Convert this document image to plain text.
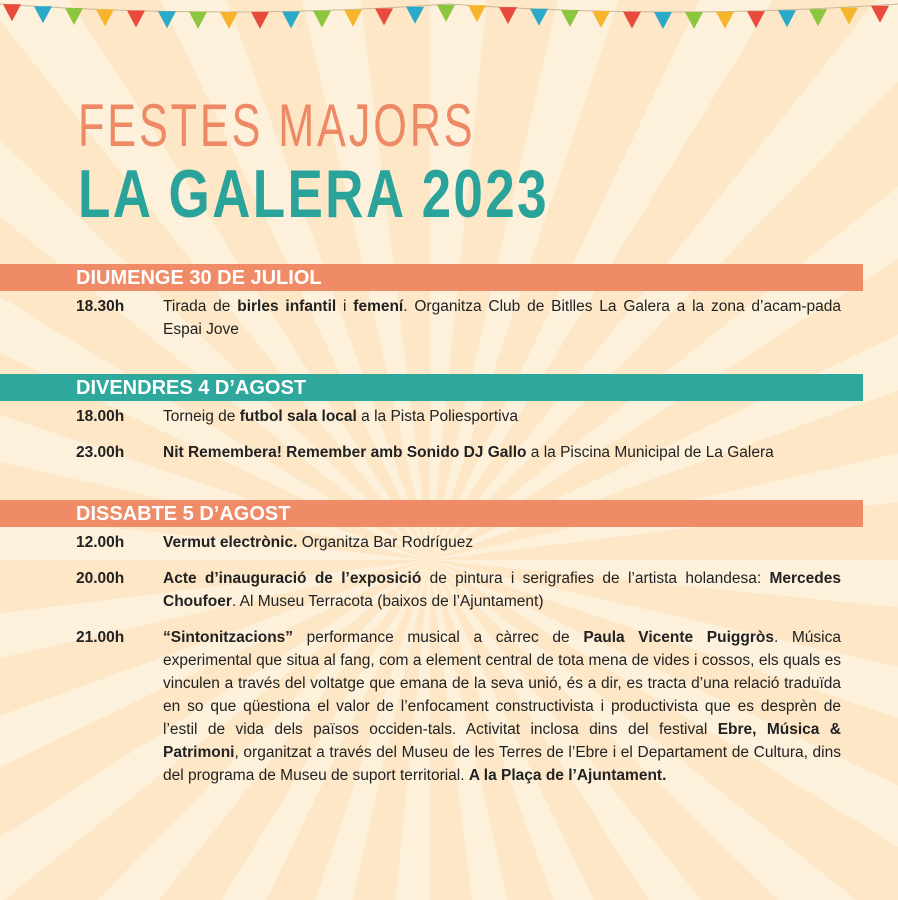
FESTES MAJORS
LA GALERA 2023
DIUMENGE 30 DE JULIOL
18.30h Tirada de birles infantil i femení. Organitza Club de Bitlles La Galera a la zona d’acam-pada Espai Jove
DIVENDRES 4 D’AGOST
18.00h Torneig de futbol sala local a la Pista Poliesportiva
23.00h Nit Remembera! Remember amb Sonido DJ Gallo a la Piscina Municipal de La Galera
DISSABTE 5 D’AGOST
12.00h Vermut electrònic. Organitza Bar Rodríguez
20.00h Acte d’inauguració de l’exposició de pintura i serigrafies de l’artista holandesa: Mercedes Choufoer. Al Museu Terracota (baixos de l’Ajuntament)
21.00h “Sintonitzacions” performance musical a càrrec de Paula Vicente Puiggròs. Música experimental que situa al fang, com a element central de tota mena de vides i cossos, els quals es vinculen a través del voltatge que emana de la seva unió, és a dir, es tracta d’una relació traduïda en so que qüestiona el valor de l’enfocament constructivista i productivista que es desprèn de l’estil de vida dels països occiden-tals. Activitat inclosa dins del festival Ebre, Música & Patrimoni, organitzat a través del Museu de les Terres de l’Ebre i el Departament de Cultura, dins del programa de Museu de suport territorial. A la Plaça de l’Ajuntament.
